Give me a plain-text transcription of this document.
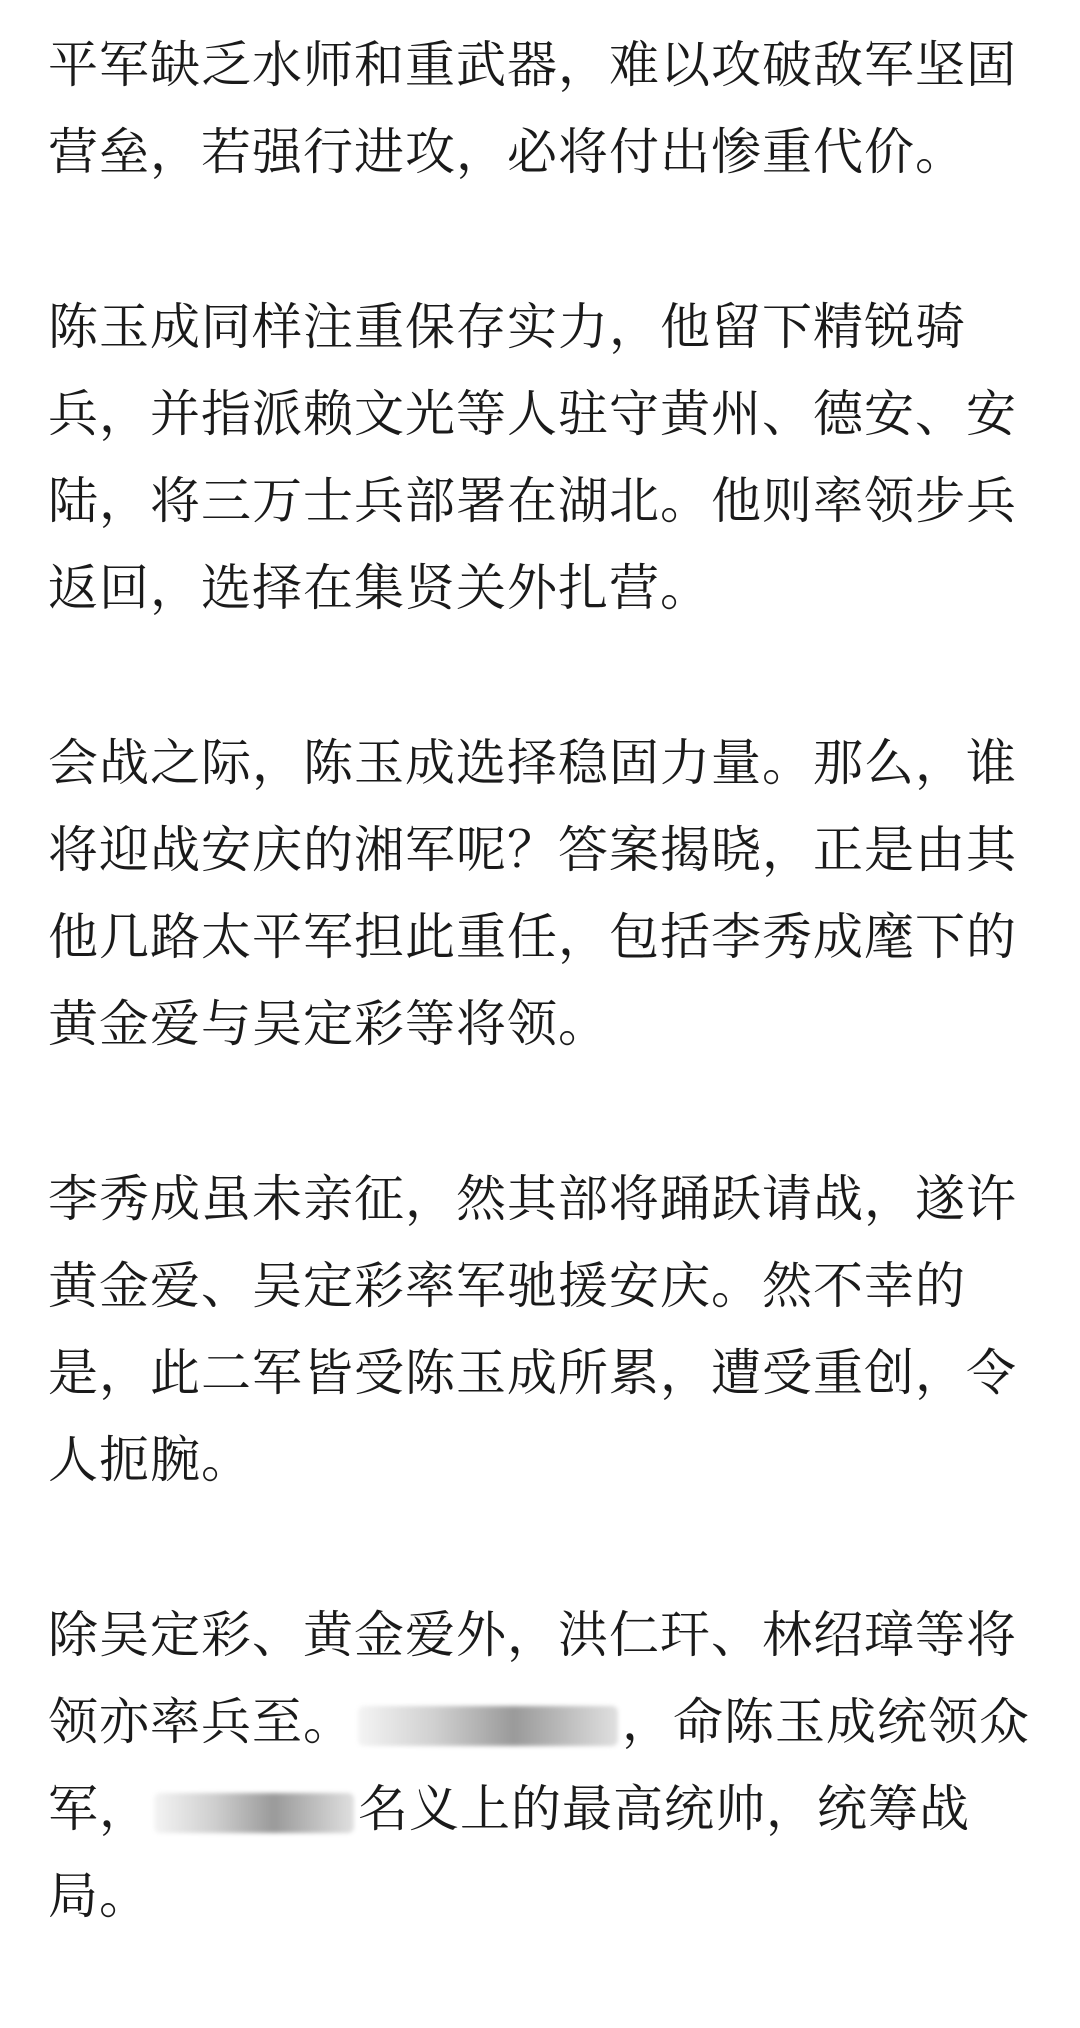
平军缺乏水师和重武器，难以攻破敌军坚固
营垒，若强行进攻，必将付出惨重代价。

陈玉成同样注重保存实力，他留下精锐骑
兵，并指派赖文光等人驻守黄州、德安、安
陆，将三万士兵部署在湖北。他则率领步兵
返回，选择在集贤关外扎营。

会战之际，陈玉成选择稳固力量。那么，谁
将迎战安庆的湘军呢？答案揭晓，正是由其
他几路太平军担此重任，包括李秀成麾下的
黄金爱与吴定彩等将领。

李秀成虽未亲征，然其部将踊跃请战，遂许
黄金爱、吴定彩率军驰援安庆。然不幸的
是，此二军皆受陈玉成所累，遭受重创，令
人扼腕。

除吴定彩、黄金爱外，洪仁玕、林绍璋等将
领亦率兵至。	，命陈玉成统领众
军，	名义上的最高统帅，统筹战
局。
